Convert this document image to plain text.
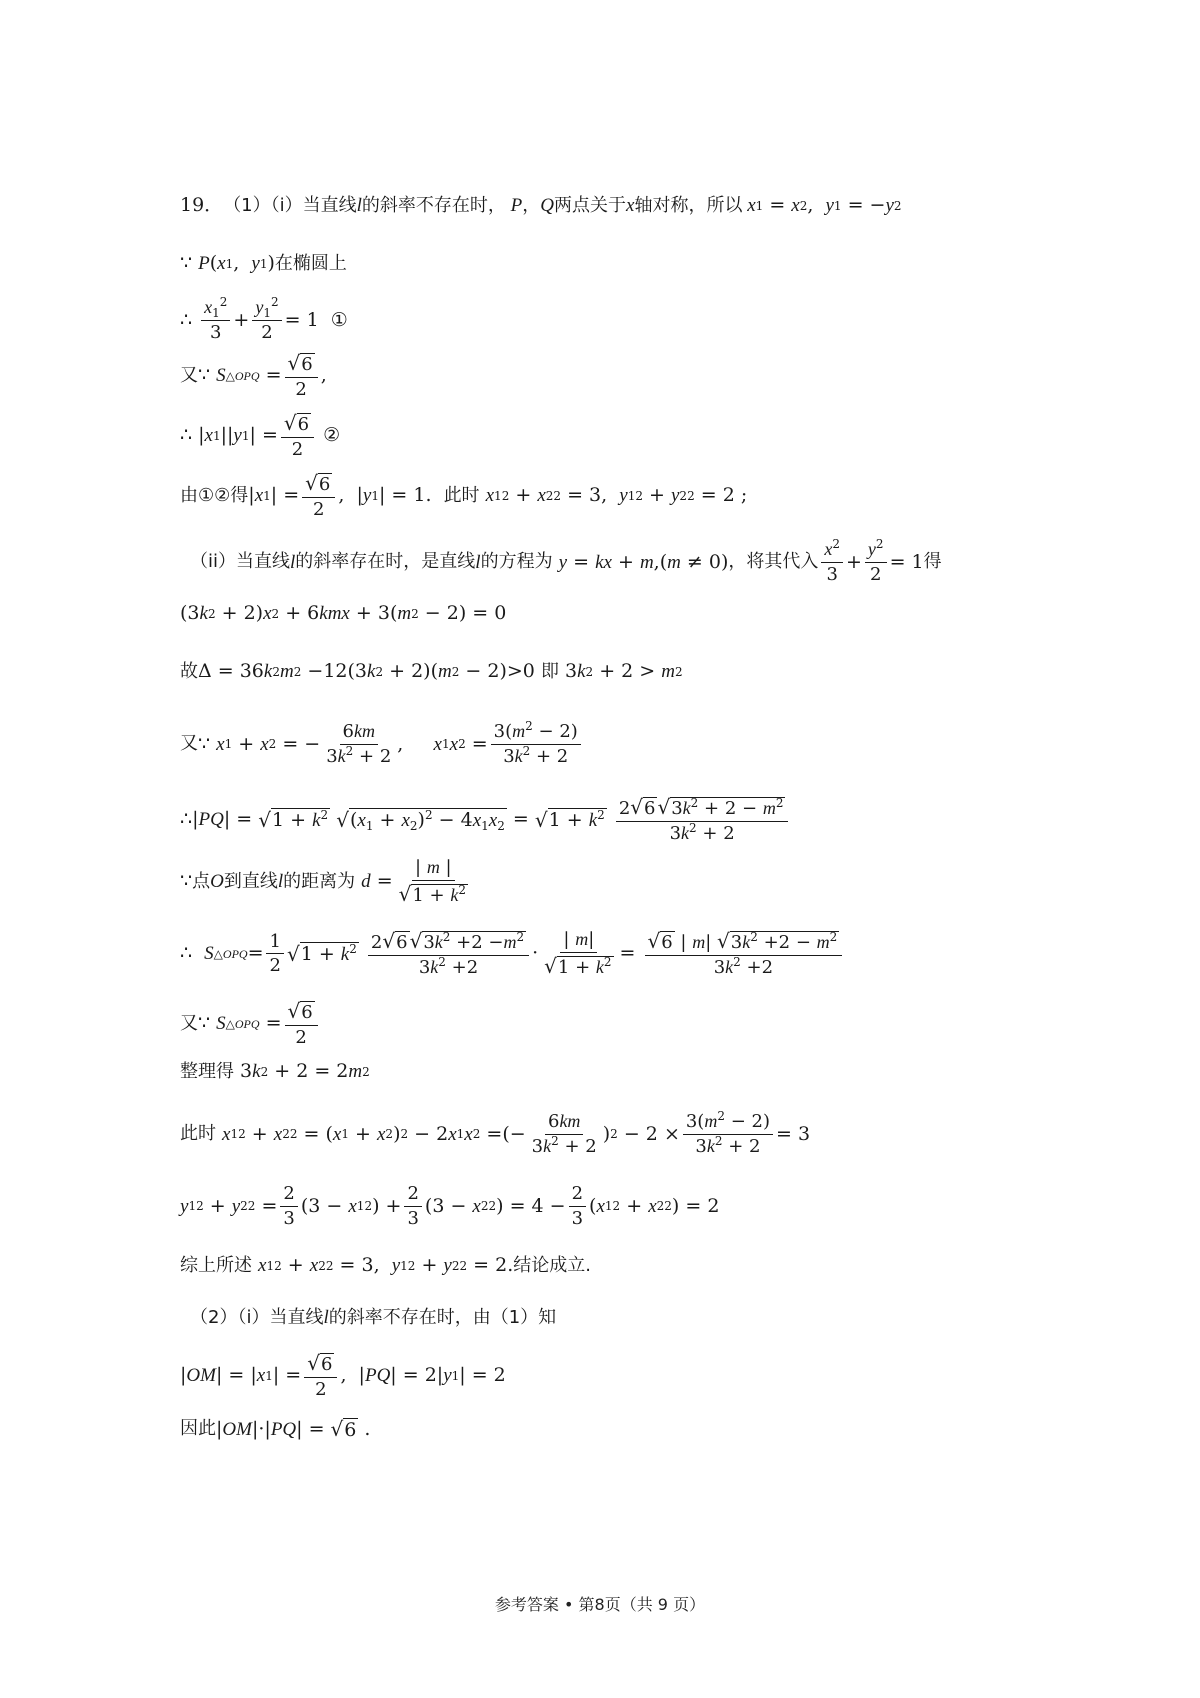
19． （1）（i）当直线 l 的斜率不存在时， P ， Q 两点关于 x 轴对称，所以 x 1 = x 2 , y 1 = − y 2
∵ P ( x 1 , y 1 ) 在椭圆上
∴ $\frac{x_1^2}{3} + \frac{y_1^2}{2} = 1$  ①
又 ∵ S △OPQ = $\frac{√6}{2}$ ,
∴ | x 1 || y 1 | = $\frac{√6}{2}$ ②
由①②得 | x 1 | = $\frac{√6}{2}$ ,  | y 1 | = 1. 此时
x 1 2 + x 2 2 = 3, y 1 2 + y 2 2 = 2 ;
（ii）当直线 l 的斜率存在时，是直线 l 的方程为
y = kx + m ,( m ≠ 0) ，将其代入 $\frac{x^2}{3} + \frac{y^2}{2} = 1$ 得
(3 k 2 + 2) x 2 + 6 kmx + 3( m 2 − 2) = 0
故 Δ = 36 k 2 m 2 −12(3 k 2 + 2)( m 2 − 2)>0 即 3 k 2 + 2 > m 2
又 ∵ x 1 + x 2 = − $\frac{6km}{3k^2 + 2}$ , x 1 x $2 = \frac{3(m^2 - 2)}{3k^2 + 2}$
∴| PQ | = √ $1 + k^2$
√ $(x_1 + x_2)^2 - 4x_1x_2$ = √ $1 + k^2$
$\frac{2√6 √3k^2 + 2 - m^2}{3k^2 + 2}$
∵ 点 O 到直线 l 的距离为
$d = \frac{| m |}{√1 + k^2}$
∴ S △OPQ = $\frac{1}{2}$ √ $1 + k^2$
$\frac{2√6 √3k^2 +2 -m^2}{3k^2 +2} \cdot \frac{| m|}{√1 + k^2} = \frac{√6 | m| √3k^2 +2 - m^2}{3k^2 +2}$
又 ∵ S △OPQ = $\frac{√6}{2}$
整理得 3 k 2 + 2 = 2 m 2
此时
x 1 2 + x 2 2 = ( x 1 + x 2 ) 2 − 2 x 1 x 2 =(− $\frac{6km}{3k^2 + 2}$ ) $2 - 2 \times \frac{3(m^2 - 2)}{3k^2 + 2} = 3$
y 1 2 + y 2 $2 = \frac{2}{3} (3 - x$ 1 2 ) + $\frac{2}{3} (3 - x$ 2 2 ) = $4 - \frac{2}{3}$ ( x 1 2 + x 2 2 ) = 2
综上所述
x 1 2 + x 2 2 = 3, y 1 2 + y 2 2 = 2. 结论成立.
（2）（i）当直线 l 的斜率不存在时，由（1）知
| OM | = | x 1 | = $\frac{√6}{2}$ ,  | PQ | = 2| y 1 | = 2
因此 | OM |·| PQ | = √ 6 .
参考答案 • 第8页（共 9 页）
